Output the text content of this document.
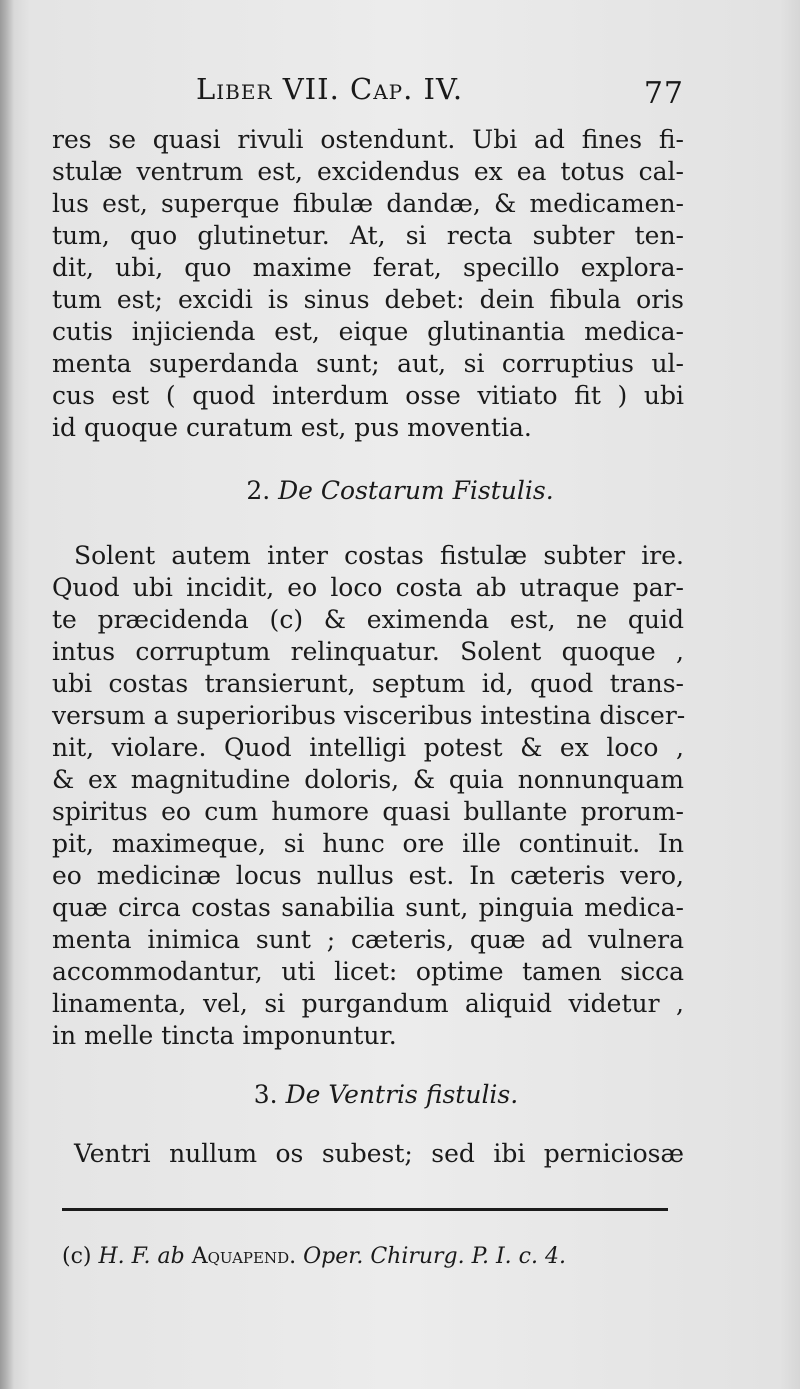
Liber VII. Cap. IV.	77
res se quasi rivuli ostendunt. Ubi ad fines fi-
stulæ ventrum est, excidendus ex ea totus cal-
lus est, superque fibulæ dandæ, & medicamen-
tum, quo glutinetur. At, si recta subter ten-
dit, ubi, quo maxime ferat, specillo explora-
tum est; excidi is sinus debet: dein fibula oris
cutis injicienda est, eique glutinantia medica-
menta superdanda sunt; aut, si corruptius ul-
cus est ( quod interdum osse vitiato fit ) ubi
id quoque curatum est, pus moventia.
2. De Costarum Fistulis.
Solent autem inter costas fistulæ subter ire.
Quod ubi incidit, eo loco costa ab utraque par-
te præcidenda (c) & eximenda est, ne quid
intus corruptum relinquatur. Solent quoque ,
ubi costas transierunt, septum id, quod trans-
versum a superioribus visceribus intestina discer-
nit, violare. Quod intelligi potest & ex loco ,
& ex magnitudine doloris, & quia nonnunquam
spiritus eo cum humore quasi bullante prorum-
pit, maximeque, si hunc ore ille continuit. In
eo medicinæ locus nullus est. In cæteris vero,
quæ circa costas sanabilia sunt, pinguia medica-
menta inimica sunt ; cæteris, quæ ad vulnera
accommodantur, uti licet: optime tamen sicca
linamenta, vel, si purgandum aliquid videtur ,
in melle tincta imponuntur.
3. De Ventris fistulis.
Ventri nullum os subest; sed ibi perniciosæ
(c) H. F. ab Aquapend. Oper. Chirurg. P. I. c. 4.
